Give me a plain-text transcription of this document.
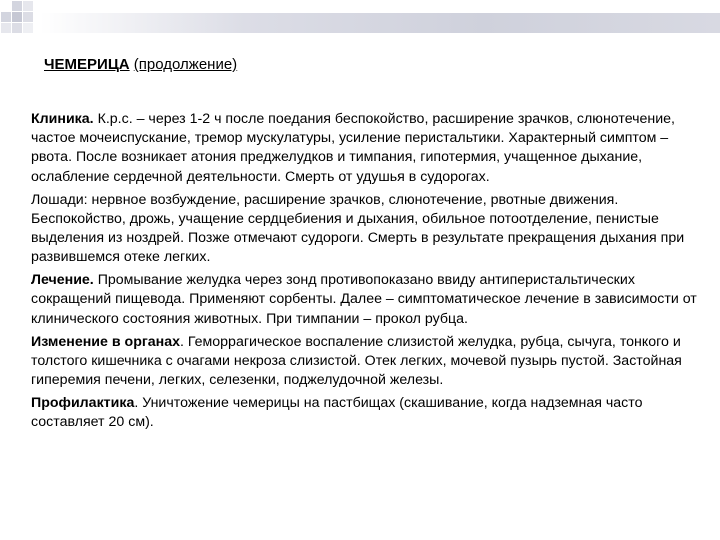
ЧЕМЕРИЦА (продолжение)

Клиника. К.р.с. – через 1-2 ч после поедания беспокойство, расширение зрачков, слюнотечение, частое мочеиспускание, тремор мускулатуры, усиление перистальтики. Характерный симптом – рвота. После возникает атония преджелудков и тимпания, гипотермия, учащенное дыхание, ослабление сердечной деятельности. Смерть от удушья в судорогах.

Лошади: нервное возбуждение, расширение зрачков, слюнотечение, рвотные движения. Беспокойство, дрожь, учащение сердцебиения и дыхания, обильное потоотделение, пенистые выделения из ноздрей. Позже отмечают судороги. Смерть в результате прекращения дыхания при развившемся отеке легких.

Лечение. Промывание желудка через зонд противопоказано ввиду антиперистальтических сокращений пищевода. Применяют сорбенты. Далее – симптоматическое лечение в зависимости от клинического состояния животных. При тимпании – прокол рубца.

Изменение в органах. Геморрагическое воспаление слизистой желудка, рубца, сычуга, тонкого и толстого кишечника с очагами некроза слизистой. Отек легких, мочевой пузырь пустой. Застойная гиперемия печени, легких, селезенки, поджелудочной железы.

Профилактика. Уничтожение чемерицы на пастбищах (скашивание, когда надземная часто составляет 20 см).
